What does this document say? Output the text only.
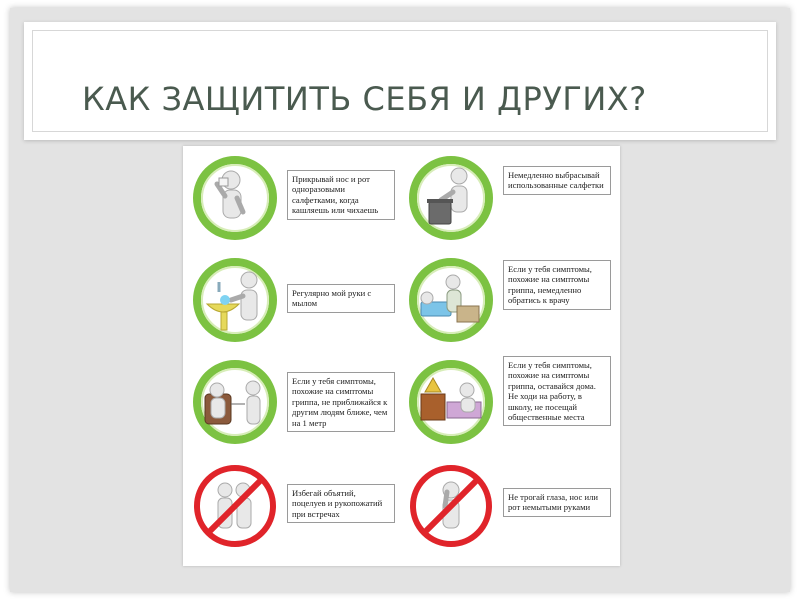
КАК ЗАЩИТИТЬ СЕБЯ И ДРУГИХ?
Прикрывай нос и рот одноразовыми салфетками, когда кашляешь или чихаешь
Немедленно выбрасывай использованные салфетки
Регулярно мой руки с мылом
Если у тебя симптомы, похожие на симптомы гриппа, немедленно обратись к врачу
Если у тебя симптомы, похожие на симптомы гриппа, не приближайся к другим людям ближе, чем на 1 метр
Если у тебя симптомы, похожие на симптомы гриппа, оставайся дома. Не ходи на работу, в школу, не посещай общественные места
Избегай объятий, поцелуев и рукопожатий при встречах
Не трогай глаза, нос или рот немытыми руками
